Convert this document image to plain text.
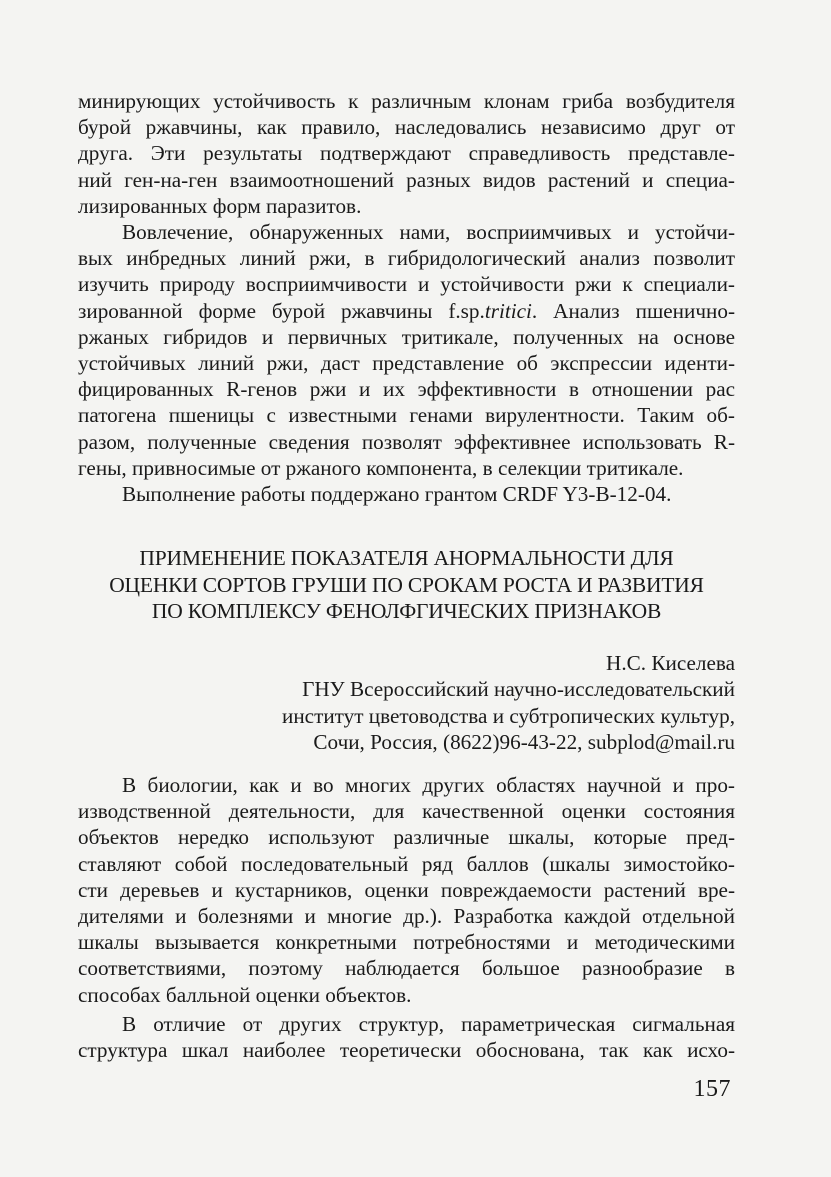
минирующих устойчивость к различным клонам гриба возбудителя
бурой ржавчины, как правило, наследовались независимо друг от
друга. Эти результаты подтверждают справедливость представле-
ний ген-на-ген взаимоотношений разных видов растений и специа-
лизированных форм паразитов.
Вовлечение, обнаруженных нами, восприимчивых и устойчи-
вых инбредных линий ржи, в гибридологический анализ позволит
изучить природу восприимчивости и устойчивости ржи к специали-
зированной форме бурой ржавчины f.sp.tritici. Анализ пшенично-
ржаных гибридов и первичных тритикале, полученных на основе
устойчивых линий ржи, даст представление об экспрессии иденти-
фицированных R-генов ржи и их эффективности в отношении рас
патогена пшеницы с известными генами вирулентности. Таким об-
разом, полученные сведения позволят эффективнее использовать R-
гены, привносимые от ржаного компонента, в селекции тритикале.
Выполнение работы поддержано грантом CRDF Y3-B-12-04.
ПРИМЕНЕНИЕ ПОКАЗАТЕЛЯ АНОРМАЛЬНОСТИ ДЛЯ
ОЦЕНКИ СОРТОВ ГРУШИ ПО СРОКАМ РОСТА И РАЗВИТИЯ
ПО КОМПЛЕКСУ ФЕНОЛФГИЧЕСКИХ ПРИЗНАКОВ
Н.С. Киселева
ГНУ Всероссийский научно-исследовательский
институт цветоводства и субтропических культур,
Сочи, Россия, (8622)96-43-22, subplod@mail.ru
В биологии, как и во многих других областях научной и про-
изводственной деятельности, для качественной оценки состояния
объектов нередко используют различные шкалы, которые пред-
ставляют собой последовательный ряд баллов (шкалы зимостойко-
сти деревьев и кустарников, оценки повреждаемости растений вре-
дителями и болезнями и многие др.). Разработка каждой отдельной
шкалы вызывается конкретными потребностями и методическими
соответствиями, поэтому наблюдается большое разнообразие в
способах балльной оценки объектов.
В отличие от других структур, параметрическая сигмальная
структура шкал наиболее теоретически обоснована, так как исхо-
157
